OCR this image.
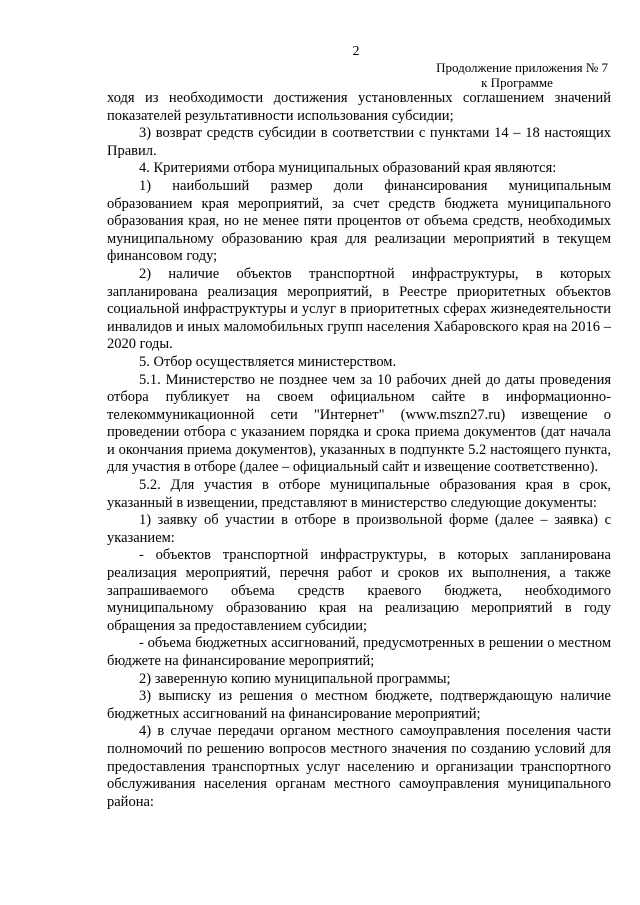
2
Продолжение приложения № 7
к Программе

ходя из необходимости достижения установленных соглашением значений показателей результативности использования субсидии;

3) возврат средств субсидии в соответствии с пунктами 14 – 18 настоящих Правил.

4. Критериями отбора муниципальных образований края являются:

1) наибольший размер доли финансирования муниципальным образованием края мероприятий, за счет средств бюджета муниципального образования края, но не менее пяти процентов от объема средств, необходимых муниципальному образованию края для реализации мероприятий в текущем финансовом году;

2) наличие объектов транспортной инфраструктуры, в которых запланирована реализация мероприятий, в Реестре приоритетных объектов социальной инфраструктуры и услуг в приоритетных сферах жизнедеятельности инвалидов и иных маломобильных групп населения Хабаровского края на 2016 – 2020 годы.

5. Отбор осуществляется министерством.

5.1. Министерство не позднее чем за 10 рабочих дней до даты проведения отбора публикует на своем официальном сайте в информационно-телекоммуникационной сети "Интернет" (www.mszn27.ru) извещение о проведении отбора с указанием порядка и срока приема документов (дат начала и окончания приема документов), указанных в подпункте 5.2 настоящего пункта, для участия в отборе (далее – официальный сайт и извещение соответственно).

5.2. Для участия в отборе муниципальные образования края в срок, указанный в извещении, представляют в министерство следующие документы:

1) заявку об участии в отборе в произвольной форме (далее – заявка) с указанием:

- объектов транспортной инфраструктуры, в которых запланирована реализация мероприятий, перечня работ и сроков их выполнения, а также запрашиваемого объема средств краевого бюджета, необходимого муниципальному образованию края на реализацию мероприятий в году обращения за предоставлением субсидии;

- объема бюджетных ассигнований, предусмотренных в решении о местном бюджете на финансирование мероприятий;

2) заверенную копию муниципальной программы;

3) выписку из решения о местном бюджете, подтверждающую наличие бюджетных ассигнований на финансирование мероприятий;

4) в случае передачи органом местного самоуправления поселения части полномочий по решению вопросов местного значения по созданию условий для предоставления транспортных услуг населению и организации транспортного обслуживания населения органам местного самоуправления муниципального района:
